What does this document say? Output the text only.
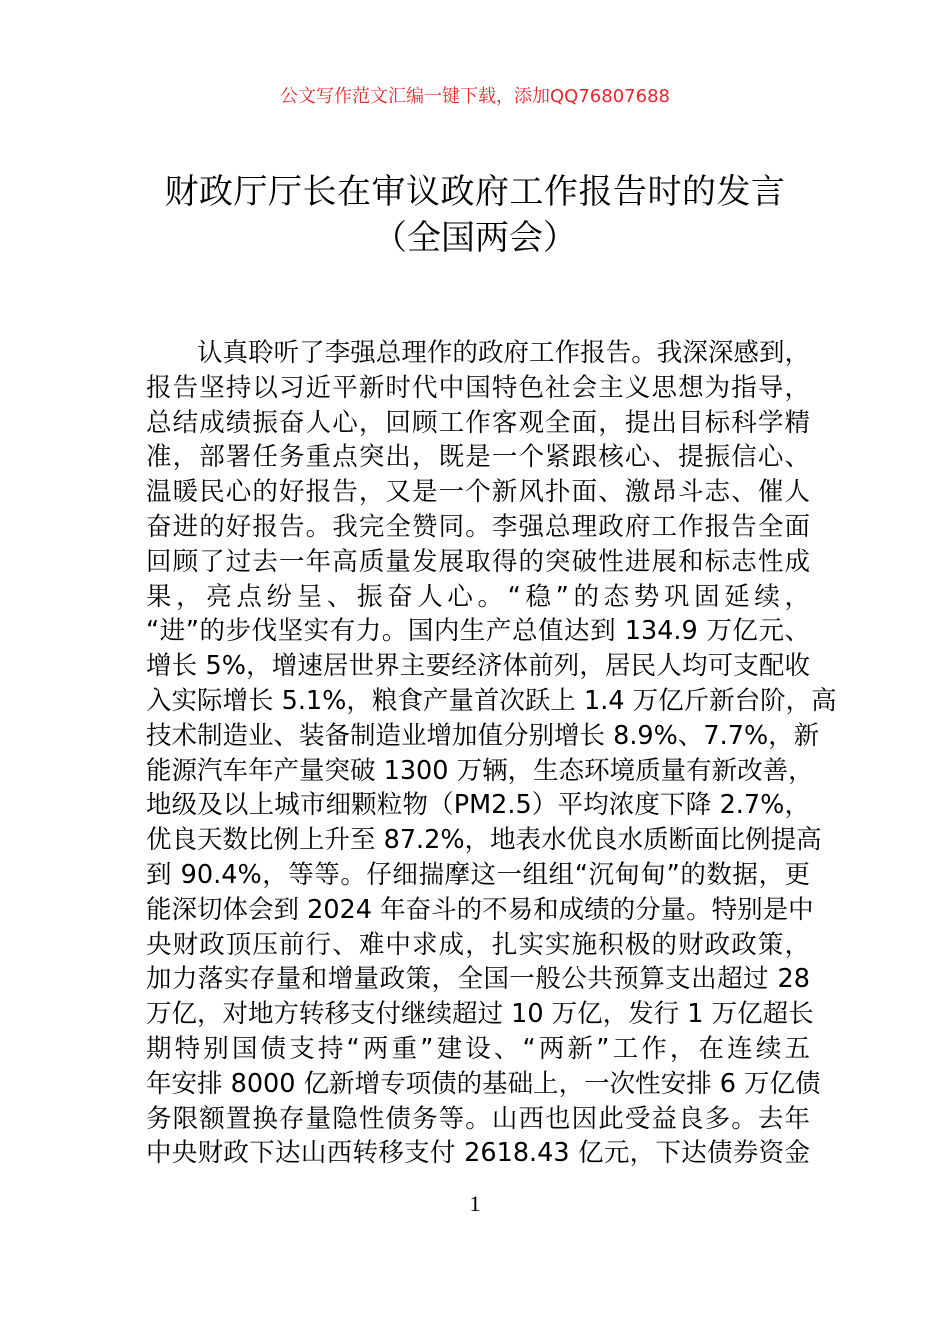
公文写作范文汇编一键下载，添加QQ76807688
财政厅厅长在审议政府工作报告时的发言
（全国两会）
认真聆听了李强总理作的政府工作报告。我深深感到，
报告坚持以习近平新时代中国特色社会主义思想为指导，
总结成绩振奋人心，回顾工作客观全面，提出目标科学精
准，部署任务重点突出，既是一个紧跟核心、提振信心、
温暖民心的好报告，又是一个新风扑面、激昂斗志、催人
奋进的好报告。我完全赞同。李强总理政府工作报告全面
回顾了过去一年高质量发展取得的突破性进展和标志性成
果，亮点纷呈、振奋人心。“稳”的态势巩固延续，
“进”的步伐坚实有力。国内生产总值达到 134.9 万亿元、
增长 5%，增速居世界主要经济体前列，居民人均可支配收
入实际增长 5.1%，粮食产量首次跃上 1.4 万亿斤新台阶，高
技术制造业、装备制造业增加值分别增长 8.9%、7.7%，新
能源汽车年产量突破 1300 万辆，生态环境质量有新改善，
地级及以上城市细颗粒物（PM2.5）平均浓度下降 2.7%，
优良天数比例上升至 87.2%，地表水优良水质断面比例提高
到 90.4%，等等。仔细揣摩这一组组“沉甸甸”的数据，更
能深切体会到 2024 年奋斗的不易和成绩的分量。特别是中
央财政顶压前行、难中求成，扎实实施积极的财政政策，
加力落实存量和增量政策，全国一般公共预算支出超过 28
万亿，对地方转移支付继续超过 10 万亿，发行 1 万亿超长
期特别国债支持“两重”建设、“两新”工作，在连续五
年安排 8000 亿新增专项债的基础上，一次性安排 6 万亿债
务限额置换存量隐性债务等。山西也因此受益良多。去年
中央财政下达山西转移支付 2618.43 亿元，下达债券资金
1
